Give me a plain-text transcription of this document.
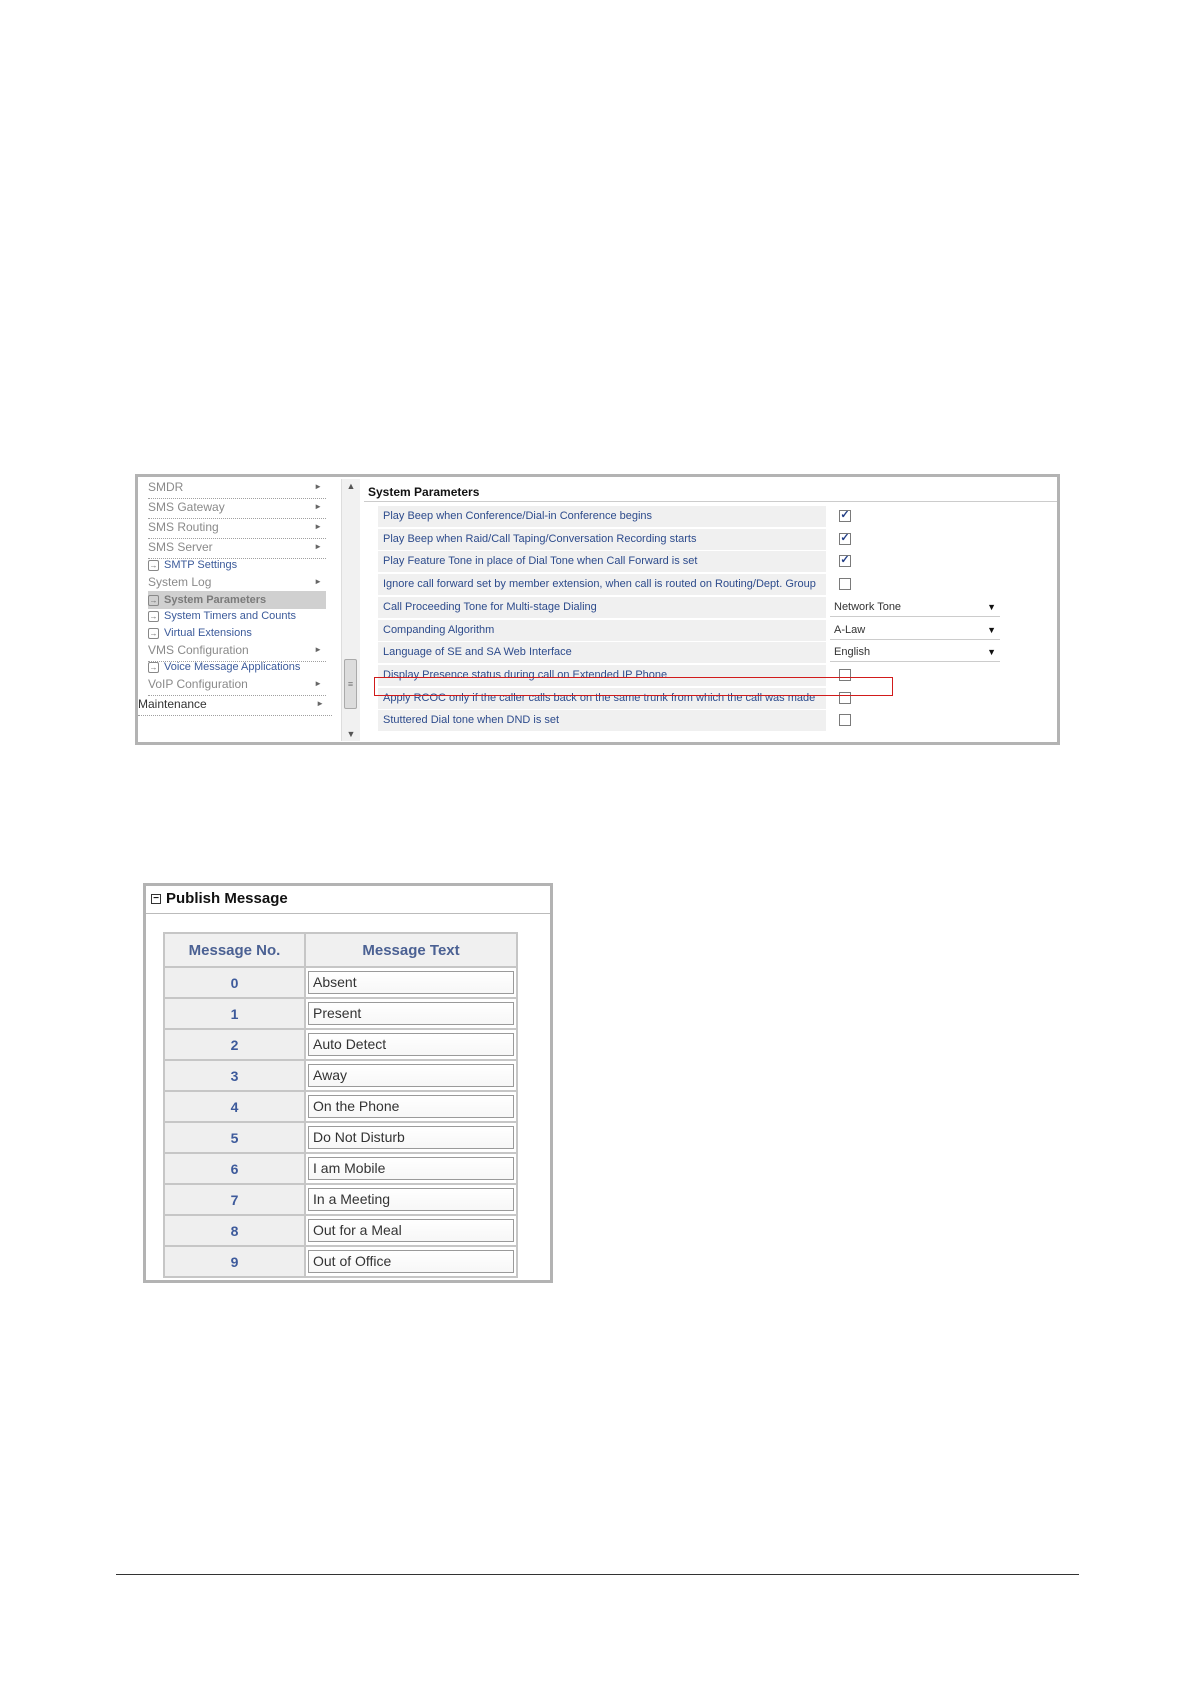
SMDR	►
SMS Gateway	►
SMS Routing	►
SMS Server	►
→ SMTP Settings
System Log	►
→ System Parameters
→ System Timers and Counts
→ Virtual Extensions
VMS Configuration	►
→ Voice Message Applications
VoIP Configuration	►
Maintenance	►
▲
≡
▼
System Parameters
Play Beep when Conference/Dial-in Conference begins	✓
Play Beep when Raid/Call Taping/Conversation Recording starts	✓
Play Feature Tone in place of Dial Tone when Call Forward is set	✓
Ignore call forward set by member extension, when call is routed on Routing/Dept. Group
Call Proceeding Tone for Multi-stage Dialing	Network Tone	▼
Companding Algorithm	A-Law	▼
Language of SE and SA Web Interface	English	▼
Display Presence status during call on Extended IP Phone
Apply RCOC only if the caller calls back on the same trunk from which the call was made
Stuttered Dial tone when DND is set
− Publish Message
Message No.	Message Text
0	Absent

1	Present

2	Auto Detect

3	Away

4	On the Phone

5	Do Not Disturb

6	I am Mobile

7	In a Meeting

8	Out for a Meal

9	Out of Office
